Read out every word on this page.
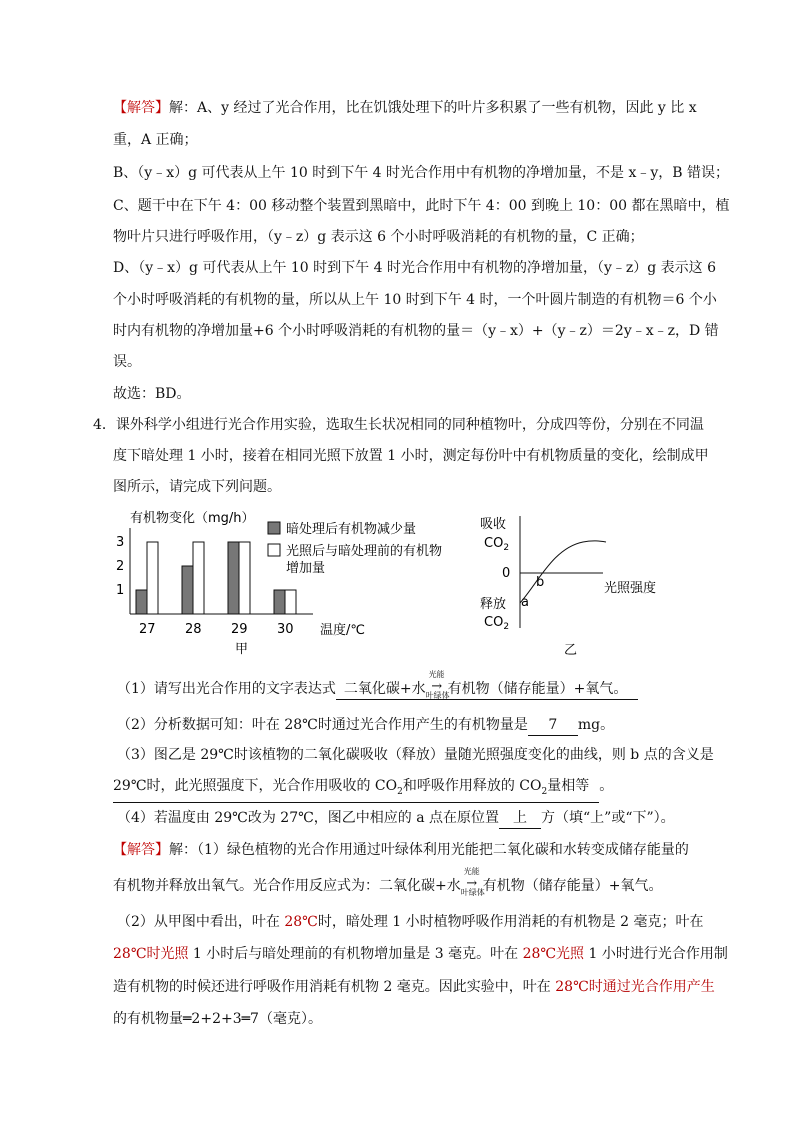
【解答】解：A、y 经过了光合作用，比在饥饿处理下的叶片多积累了一些有机物，因此 y 比 x
重，A 正确；
B、（y﹣x）g 可代表从上午 10 时到下午 4 时光合作用中有机物的净增加量，不是 x﹣y，B 错误；
C、题干中在下午 4：00 移动整个装置到黑暗中，此时下午 4：00 到晚上 10：00 都在黑暗中，植
物叶片只进行呼吸作用，（y﹣z）g 表示这 6 个小时呼吸消耗的有机物的量，C 正确；
D、（y﹣x）g 可代表从上午 10 时到下午 4 时光合作用中有机物的净增加量，（y﹣z）g 表示这 6
个小时呼吸消耗的有机物的量，所以从上午 10 时到下午 4 时，一个叶圆片制造的有机物＝6 个小
时内有机物的净增加量+6 个小时呼吸消耗的有机物的量＝（y﹣x）+（y﹣z）＝2y﹣x﹣z，D 错
误。
故选：BD。
4．课外科学小组进行光合作用实验，选取生长状况相同的同种植物叶，分成四等份，分别在不同温
度下暗处理 1 小时，接着在相同光照下放置 1 小时，测定每份叶中有机物质量的变化，绘制成甲
图所示，请完成下列问题。
有机物变化（mg/h）
1
2
3
27 28 29 30 温度/℃
甲
暗处理后有机物减少量
光照后与暗处理前的有机物
增加量
吸收
$CO_2$
0
b
a
光照强度
释放
$CO_2$
乙
（1）请写出光合作用的文字表达式 二氧化碳+水
光能
→
叶绿体
有机物（储存能量）+氧气。
（2）分析数据可知：叶在 28℃时通过光合作用产生的有机物量是 7 mg。
（3）图乙是 29℃时该植物的二氧化碳吸收（释放）量随光照强度变化的曲线，则 b 点的含义是
29℃时，此光照强度下，光合作用吸收的 $CO_2$和呼吸作用释放的 $CO_2$量相等 。
（4）若温度由 29℃改为 27℃，图乙中相应的 a 点在原位置 上 方（填“上”或“下”）。
【解答】解：（1）绿色植物的光合作用通过叶绿体利用光能把二氧化碳和水转变成储存能量的
有机物并释放出氧气。光合作用反应式为：二氧化碳+水
光能
→
叶绿体
有机物（储存能量）+氧气。
（2）从甲图中看出，叶在 28℃时，暗处理 1 小时植物呼吸作用消耗的有机物是 2 毫克；叶在
28℃时光照 1 小时后与暗处理前的有机物增加量是 3 毫克。叶在 28℃光照 1 小时进行光合作用制
造有机物的时候还进行呼吸作用消耗有机物 2 毫克。因此实验中，叶在 28℃时通过光合作用产生
的有机物量═2+2+3═7（毫克）。
